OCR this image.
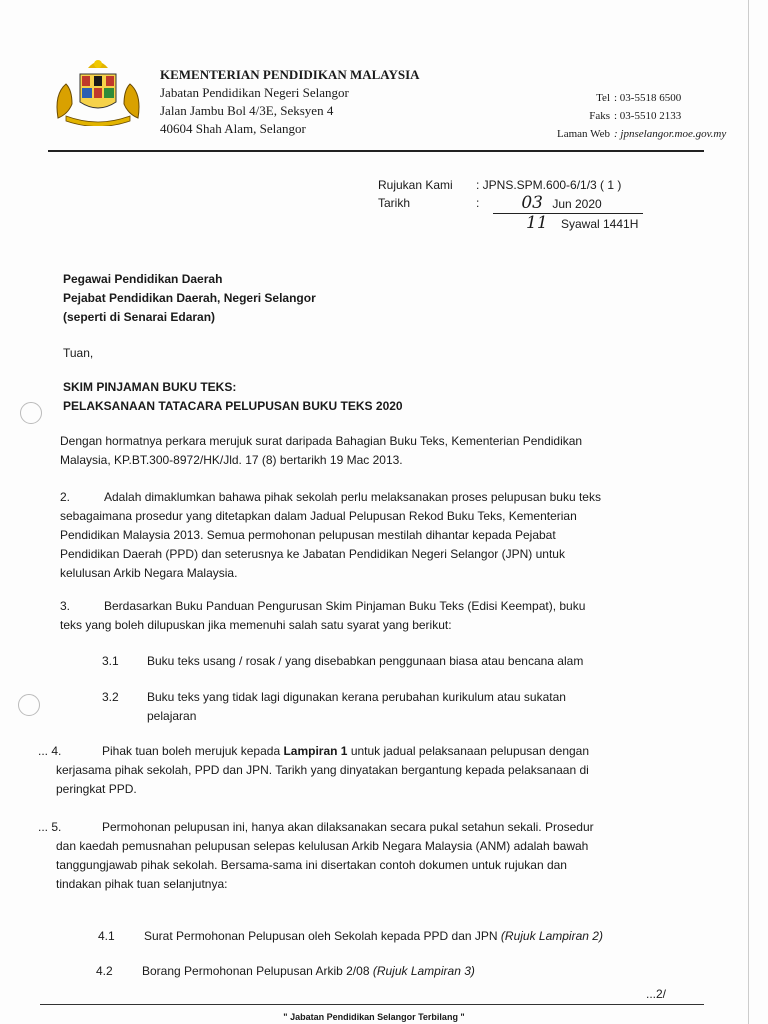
KEMENTERIAN PENDIDIKAN MALAYSIA
Jabatan Pendidikan Negeri Selangor
Jalan Jambu Bol 4/3E, Seksyen 4
40604 Shah Alam, Selangor
Tel : 03-5518 6500
Faks : 03-5510 2133
Laman Web : jpnselangor.moe.gov.my
Rujukan Kami	: JPNS.SPM.600-6/1/3 ( 1 )
Tarikh	:	03 Jun 2020
11 Syawal 1441H
Pegawai Pendidikan Daerah
Pejabat Pendidikan Daerah, Negeri Selangor
(seperti di Senarai Edaran)
Tuan,
SKIM PINJAMAN BUKU TEKS:
PELAKSANAAN TATACARA PELUPUSAN BUKU TEKS 2020
Dengan hormatnya perkara merujuk surat daripada Bahagian Buku Teks, Kementerian Pendidikan
Malaysia, KP.BT.300-8972/HK/Jld. 17 (8) bertarikh 19 Mac 2013.
2.	Adalah dimaklumkan bahawa pihak sekolah perlu melaksanakan proses pelupusan buku teks
sebagaimana prosedur yang ditetapkan dalam Jadual Pelupusan Rekod Buku Teks, Kementerian
Pendidikan Malaysia 2013. Semua permohonan pelupusan mestilah dihantar kepada Pejabat
Pendidikan Daerah (PPD) dan seterusnya ke Jabatan Pendidikan Negeri Selangor (JPN) untuk
kelulusan Arkib Negara Malaysia.
3.	Berdasarkan Buku Panduan Pengurusan Skim Pinjaman Buku Teks (Edisi Keempat), buku
teks yang boleh dilupuskan jika memenuhi salah satu syarat yang berikut:
3.1 Buku teks usang / rosak / yang disebabkan penggunaan biasa atau bencana alam
3.2 Buku teks yang tidak lagi digunakan kerana perubahan kurikulum atau sukatan
pelajaran
... 4.	Pihak tuan boleh merujuk kepada Lampiran 1 untuk jadual pelaksanaan pelupusan dengan
kerjasama pihak sekolah, PPD dan JPN. Tarikh yang dinyatakan bergantung kepada pelaksanaan di
peringkat PPD.
... 5.	Permohonan pelupusan ini, hanya akan dilaksanakan secara pukal setahun sekali. Prosedur
dan kaedah pemusnahan pelupusan selepas kelulusan Arkib Negara Malaysia (ANM) adalah bawah
tanggungjawab pihak sekolah. Bersama-sama ini disertakan contoh dokumen untuk rujukan dan
tindakan pihak tuan selanjutnya:
4.1 Surat Permohonan Pelupusan oleh Sekolah kepada PPD dan JPN (Rujuk Lampiran 2)
4.2 Borang Permohonan Pelupusan Arkib 2/08 (Rujuk Lampiran 3)
...2/
" Jabatan Pendidikan Selangor Terbilang "
